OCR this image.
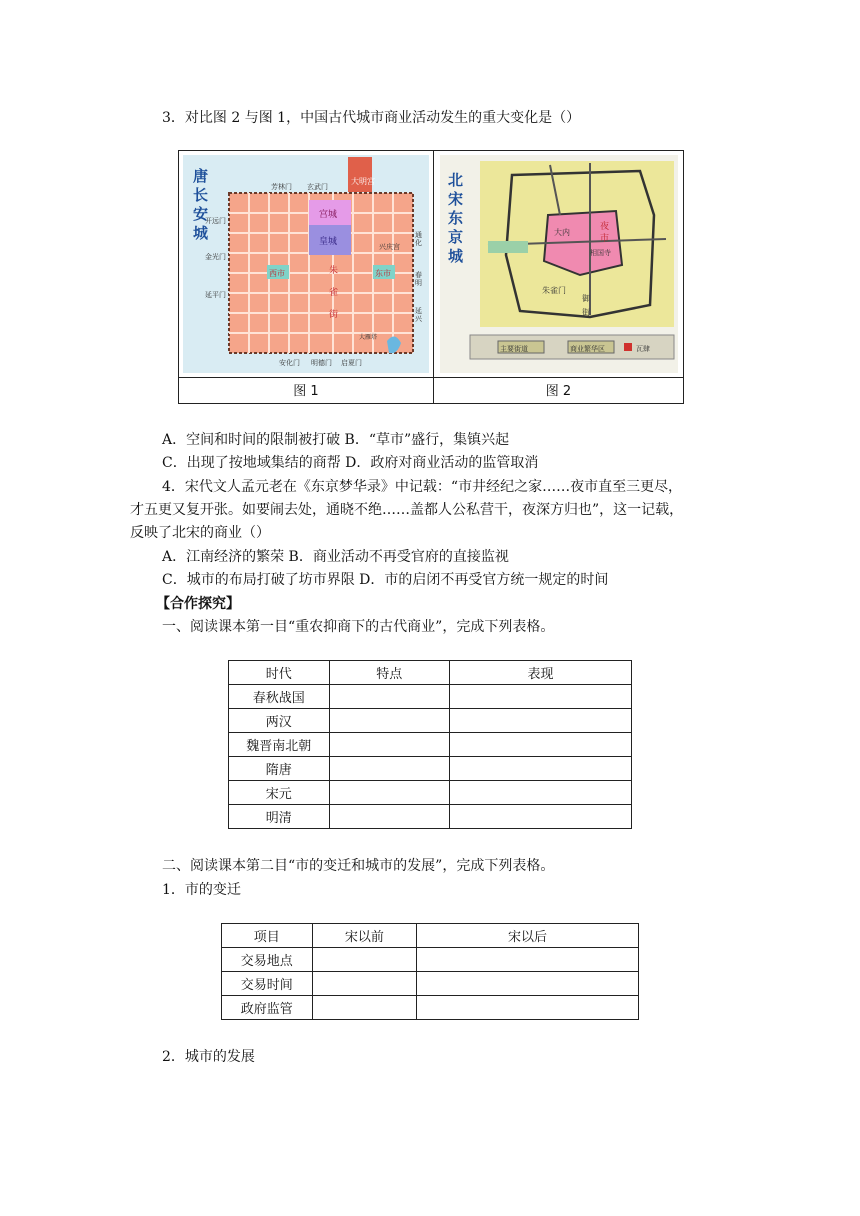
3．对比图 2 与图 1，中国古代城市商业活动发生的重大变化是（）
图 1	图 2
唐
长
安
城
大明宫
宫城
皇城
西市	东市
朱
雀
街
兴庆宫
芳林门 玄武门
开远门
金光门
延平门
通
化
春
明
延
兴
安化门 明德门 启夏门
大雁塔
北
宋
东
京
城
大内
夜
市
相国寺
朱雀门
御
街
主要街道	商业繁华区	瓦肆
A．空间和时间的限制被打破 B．“草市”盛行，集镇兴起
C．出现了按地域集结的商帮 D．政府对商业活动的监管取消
4．宋代文人孟元老在《东京梦华录》中记载：“市井经纪之家……夜市直至三更尽，
才五更又复开张。如要闹去处，通晓不绝……盖都人公私营干，夜深方归也”，这一记载，
反映了北宋的商业（）
A．江南经济的繁荣 B．商业活动不再受官府的直接监视
C．城市的布局打破了坊市界限 D．市的启闭不再受官方统一规定的时间
【合作探究】
一、阅读课本第一目“重农抑商下的古代商业”，完成下列表格。
时代	特点	表现
春秋战国		
两汉		
魏晋南北朝		
隋唐		
宋元		
明清		
二、阅读课本第二目“市的变迁和城市的发展”，完成下列表格。
1．市的变迁
项目	宋以前	宋以后
交易地点		
交易时间		
政府监管		
2．城市的发展
